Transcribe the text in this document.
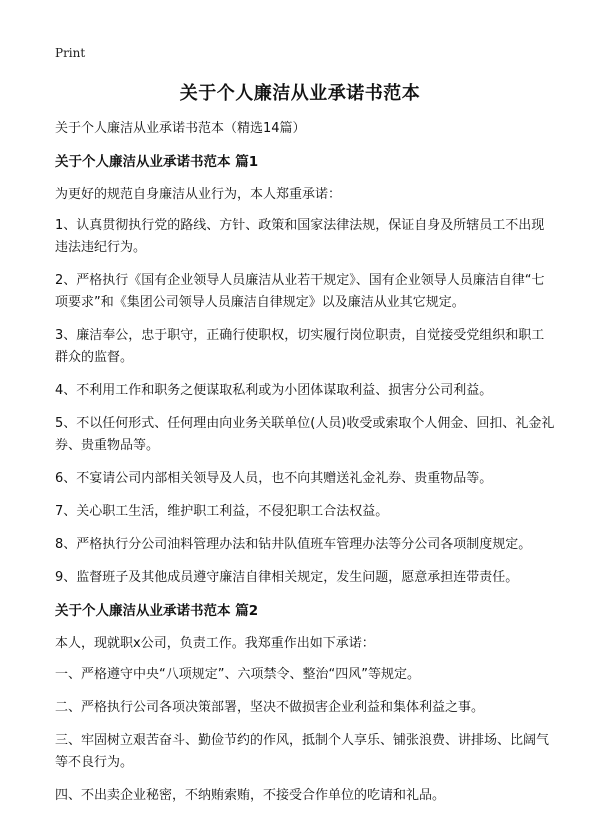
Print
关于个人廉洁从业承诺书范本

关于个人廉洁从业承诺书范本（精选14篇）

关于个人廉洁从业承诺书范本 篇1

为更好的规范自身廉洁从业行为，本人郑重承诺：

1、认真贯彻执行党的路线、方针、政策和国家法律法规，保证自身及所辖员工不出现违法违纪行为。

2、严格执行《国有企业领导人员廉洁从业若干规定》、国有企业领导人员廉洁自律“七项要求”和《集团公司领导人员廉洁自律规定》以及廉洁从业其它规定。

3、廉洁奉公，忠于职守，正确行使职权，切实履行岗位职责，自觉接受党组织和职工群众的监督。

4、不利用工作和职务之便谋取私利或为小团体谋取利益、损害分公司利益。

5、不以任何形式、任何理由向业务关联单位(人员)收受或索取个人佣金、回扣、礼金礼券、贵重物品等。

6、不宴请公司内部相关领导及人员，也不向其赠送礼金礼券、贵重物品等。

7、关心职工生活，维护职工利益，不侵犯职工合法权益。

8、严格执行分公司油料管理办法和钻井队值班车管理办法等分公司各项制度规定。

9、监督班子及其他成员遵守廉洁自律相关规定，发生问题，愿意承担连带责任。

关于个人廉洁从业承诺书范本 篇2

本人，现就职x公司，负责工作。我郑重作出如下承诺：

一、严格遵守中央“八项规定”、六项禁令、整治“四风”等规定。

二、严格执行公司各项决策部署，坚决不做损害企业利益和集体利益之事。

三、牢固树立艰苦奋斗、勤俭节约的作风，抵制个人享乐、铺张浪费、讲排场、比阔气等不良行为。

四、不出卖企业秘密，不纳贿索贿，不接受合作单位的吃请和礼品。
